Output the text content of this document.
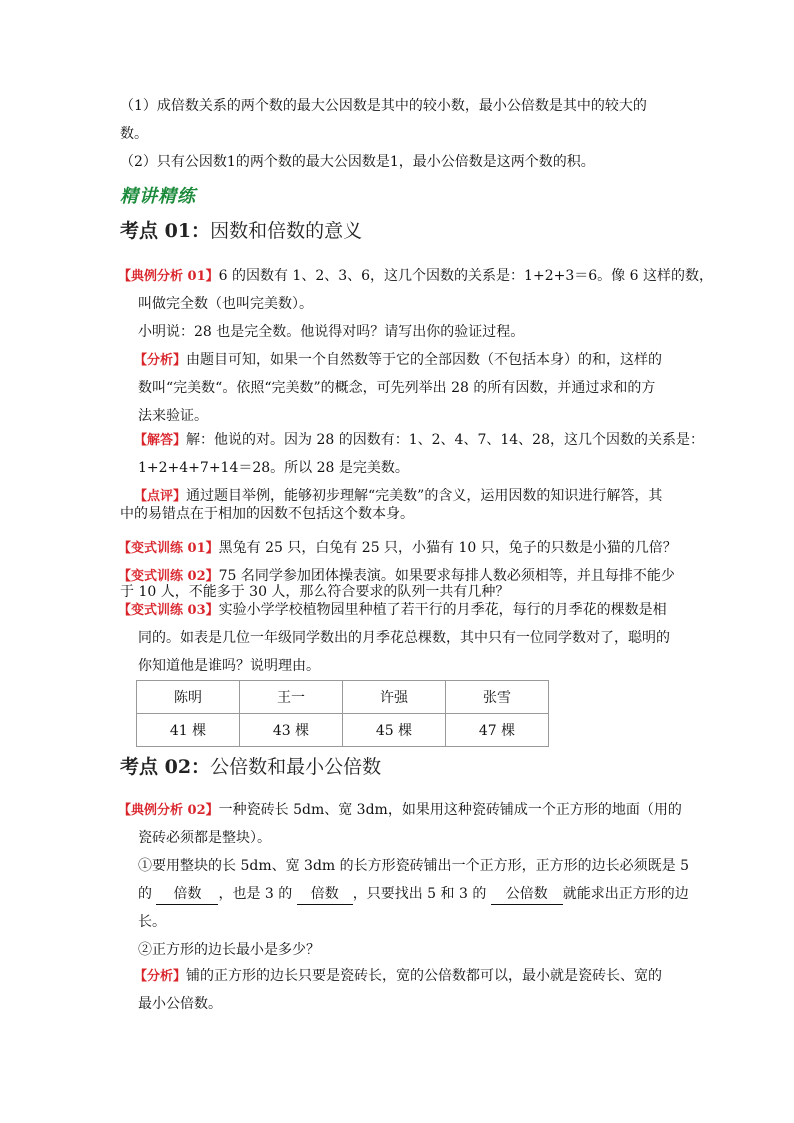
（1）成倍数关系的两个数的最大公因数是其中的较小数，最小公倍数是其中的较大的
数。
（2）只有公因数1的两个数的最大公因数是1，最小公倍数是这两个数的积。
精讲精练
考点 01：因数和倍数的意义
【典例分析 01】6 的因数有 1、2、3、6，这几个因数的关系是：1+2+3＝6。像 6 这样的数，
叫做完全数（也叫完美数）。
小明说：28 也是完全数。他说得对吗？请写出你的验证过程。
【分析】由题目可知，如果一个自然数等于它的全部因数（不包括本身）的和，这样的
数叫“完美数“。依照“完美数”的概念，可先列举出 28 的所有因数，并通过求和的方
法来验证。
【解答】解：他说的对。因为 28 的因数有：1、2、4、7、14、28，这几个因数的关系是：
1+2+4+7+14＝28。所以 28 是完美数。
【点评】通过题目举例，能够初步理解“完美数”的含义，运用因数的知识进行解答，其
中的易错点在于相加的因数不包括这个数本身。
【变式训练 01】黑兔有 25 只，白兔有 25 只，小猫有 10 只，兔子的只数是小猫的几倍？
【变式训练 02】75 名同学参加团体操表演。如果要求每排人数必须相等，并且每排不能少
于 10 人，不能多于 30 人，那么符合要求的队列一共有几种？
【变式训练 03】实验小学学校植物园里种植了若干行的月季花，每行的月季花的棵数是相
同的。如表是几位一年级同学数出的月季花总棵数，其中只有一位同学数对了，聪明的
你知道他是谁吗？说明理由。
陈明	王一	许强	张雪
41 棵	43 棵	45 棵	47 棵
考点 02：公倍数和最小公倍数
【典例分析 02】一种瓷砖长 5dm、宽 3dm，如果用这种瓷砖铺成一个正方形的地面（用的
瓷砖必须都是整块）。
①要用整块的长 5dm、宽 3dm 的长方形瓷砖铺出一个正方形，正方形的边长必须既是 5
的 倍数 ，也是 3 的 倍数 ，只要找出 5 和 3 的 公倍数 就能求出正方形的边
长。
②正方形的边长最小是多少？
【分析】铺的正方形的边长只要是瓷砖长，宽的公倍数都可以，最小就是瓷砖长、宽的
最小公倍数。
